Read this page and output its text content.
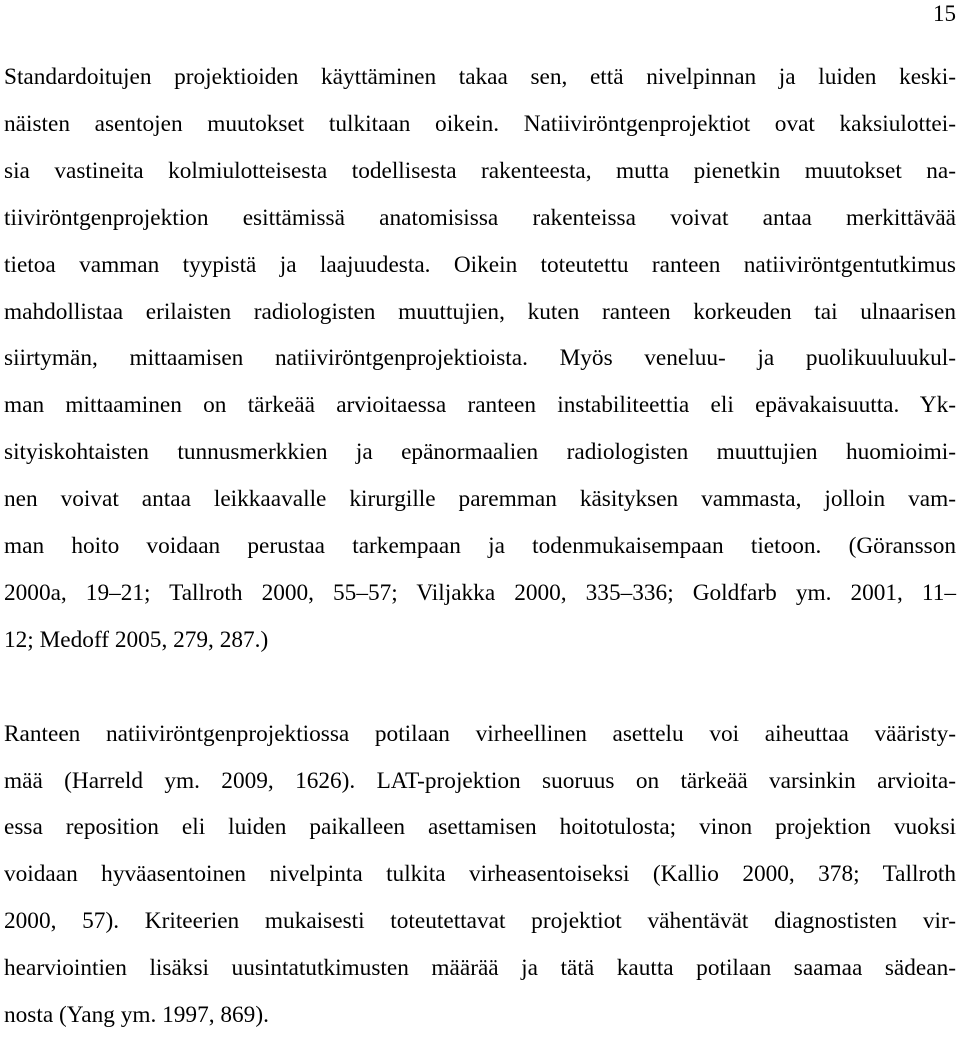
15

Standardoitujen projektioiden käyttäminen takaa sen, että nivelpinnan ja luiden keski-
näisten asentojen muutokset tulkitaan oikein. Natiiviröntgenprojektiot ovat kaksiulottei-
sia vastineita kolmiulotteisesta todellisesta rakenteesta, mutta pienetkin muutokset na-
tiiviröntgenprojektion esittämissä anatomisissa rakenteissa voivat antaa merkittävää
tietoa vamman tyypistä ja laajuudesta. Oikein toteutettu ranteen natiiviröntgentutkimus
mahdollistaa erilaisten radiologisten muuttujien, kuten ranteen korkeuden tai ulnaarisen
siirtymän, mittaamisen natiiviröntgenprojektioista. Myös veneluu- ja puolikuuluukul-
man mittaaminen on tärkeää arvioitaessa ranteen instabiliteettia eli epävakaisuutta. Yk-
sityiskohtaisten tunnusmerkkien ja epänormaalien radiologisten muuttujien huomioimi-
nen voivat antaa leikkaavalle kirurgille paremman käsityksen vammasta, jolloin vam-
man hoito voidaan perustaa tarkempaan ja todenmukaisempaan tietoon. (Göransson
2000a, 19–21; Tallroth 2000, 55–57; Viljakka 2000, 335–336; Goldfarb ym. 2001, 11–
12; Medoff 2005, 279, 287.)

Ranteen natiiviröntgenprojektiossa potilaan virheellinen asettelu voi aiheuttaa vääristy-
mää (Harreld ym. 2009, 1626). LAT-projektion suoruus on tärkeää varsinkin arvioita-
essa reposition eli luiden paikalleen asettamisen hoitotulosta; vinon projektion vuoksi
voidaan hyväasentoinen nivelpinta tulkita virheasentoiseksi (Kallio 2000, 378; Tallroth
2000, 57). Kriteerien mukaisesti toteutettavat projektiot vähentävät diagnostisten vir-
hearviointien lisäksi uusintatutkimusten määrää ja tätä kautta potilaan saamaa sädean-
nosta (Yang ym. 1997, 869).
